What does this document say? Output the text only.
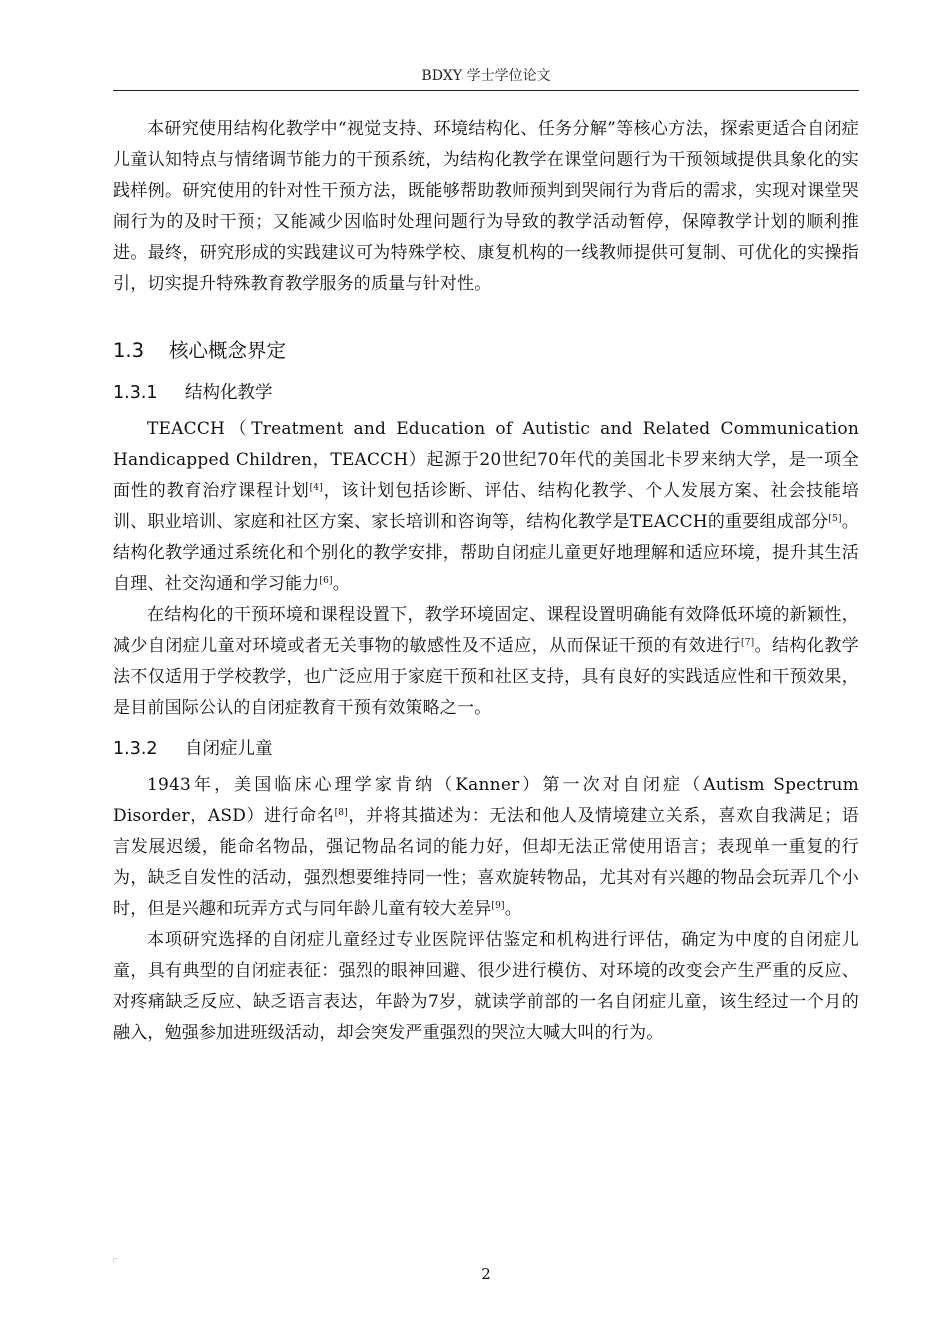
BDXY 学士学位论文

本研究使用结构化教学中“视觉支持、环境结构化、任务分解”等核心方法，探索更适合自闭症儿童认知特点与情绪调节能力的干预系统，为结构化教学在课堂问题行为干预领域提供具象化的实践样例。研究使用的针对性干预方法，既能够帮助教师预判到哭闹行为背后的需求，实现对课堂哭闹行为的及时干预；又能减少因临时处理问题行为导致的教学活动暂停，保障教学计划的顺利推进。最终，研究形成的实践建议可为特殊学校、康复机构的一线教师提供可复制、可优化的实操指引，切实提升特殊教育教学服务的质量与针对性。

1.3 核心概念界定
1.3.1 结构化教学

TEACCH（Treatment and Education of Autistic and Related Communication Handicapped Children，TEACCH）起源于20世纪70年代的美国北卡罗来纳大学，是一项全面性的教育治疗课程计划[4]，该计划包括诊断、评估、结构化教学、个人发展方案、社会技能培训、职业培训、家庭和社区方案、家长培训和咨询等，结构化教学是TEACCH的重要组成部分[5]。结构化教学通过系统化和个别化的教学安排，帮助自闭症儿童更好地理解和适应环境，提升其生活自理、社交沟通和学习能力[6]。

在结构化的干预环境和课程设置下，教学环境固定、课程设置明确能有效降低环境的新颖性，减少自闭症儿童对环境或者无关事物的敏感性及不适应，从而保证干预的有效进行[7]。结构化教学法不仅适用于学校教学，也广泛应用于家庭干预和社区支持，具有良好的实践适应性和干预效果，是目前国际公认的自闭症教育干预有效策略之一。

1.3.2 自闭症儿童

1943年，美国临床心理学家肯纳（Kanner）第一次对自闭症（Autism Spectrum Disorder，ASD）进行命名[8]，并将其描述为：无法和他人及情境建立关系，喜欢自我满足；语言发展迟缓，能命名物品，强记物品名词的能力好，但却无法正常使用语言；表现单一重复的行为，缺乏自发性的活动，强烈想要维持同一性；喜欢旋转物品，尤其对有兴趣的物品会玩弄几个小时，但是兴趣和玩弄方式与同年龄儿童有较大差异[9]。

本项研究选择的自闭症儿童经过专业医院评估鉴定和机构进行评估，确定为中度的自闭症儿童，具有典型的自闭症表征：强烈的眼神回避、很少进行模仿、对环境的改变会产生严重的反应、对疼痛缺乏反应、缺乏语言表达，年龄为7岁，就读学前部的一名自闭症儿童，该生经过一个月的融入，勉强参加进班级活动，却会突发严重强烈的哭泣大喊大叫的行为。

2
